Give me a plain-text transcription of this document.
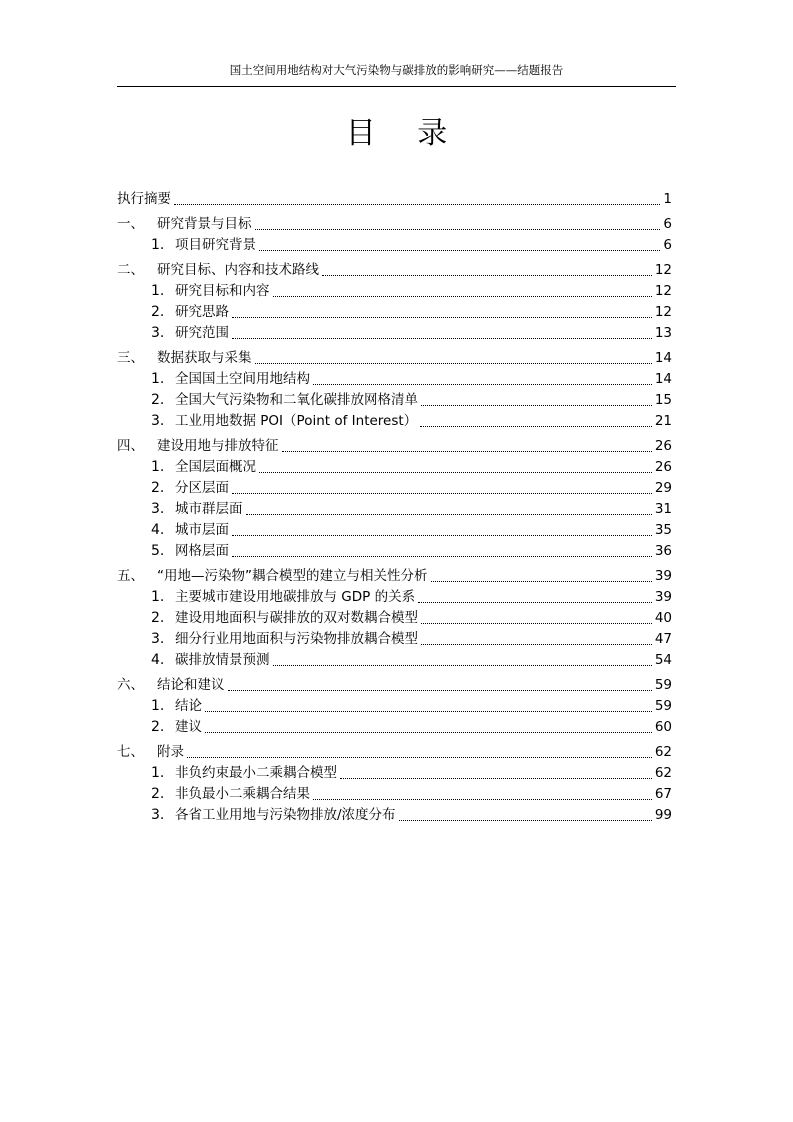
国土空间用地结构对大气污染物与碳排放的影响研究——结题报告
目 录
执行摘要	1
一、 研究背景与目标	6
1. 项目研究背景	6
二、 研究目标、内容和技术路线	12
1. 研究目标和内容	12
2. 研究思路	12
3. 研究范围	13
三、 数据获取与采集	14
1. 全国国土空间用地结构	14
2. 全国大气污染物和二氧化碳排放网格清单	15
3. 工业用地数据 POI（Point of Interest）	21
四、 建设用地与排放特征	26
1. 全国层面概况	26
2. 分区层面	29
3. 城市群层面	31
4. 城市层面	35
5. 网格层面	36
五、 “用地—污染物”耦合模型的建立与相关性分析	39
1. 主要城市建设用地碳排放与 GDP 的关系	39
2. 建设用地面积与碳排放的双对数耦合模型	40
3. 细分行业用地面积与污染物排放耦合模型	47
4. 碳排放情景预测	54
六、 结论和建议	59
1. 结论	59
2. 建议	60
七、 附录	62
1. 非负约束最小二乘耦合模型	62
2. 非负最小二乘耦合结果	67
3. 各省工业用地与污染物排放/浓度分布	99
